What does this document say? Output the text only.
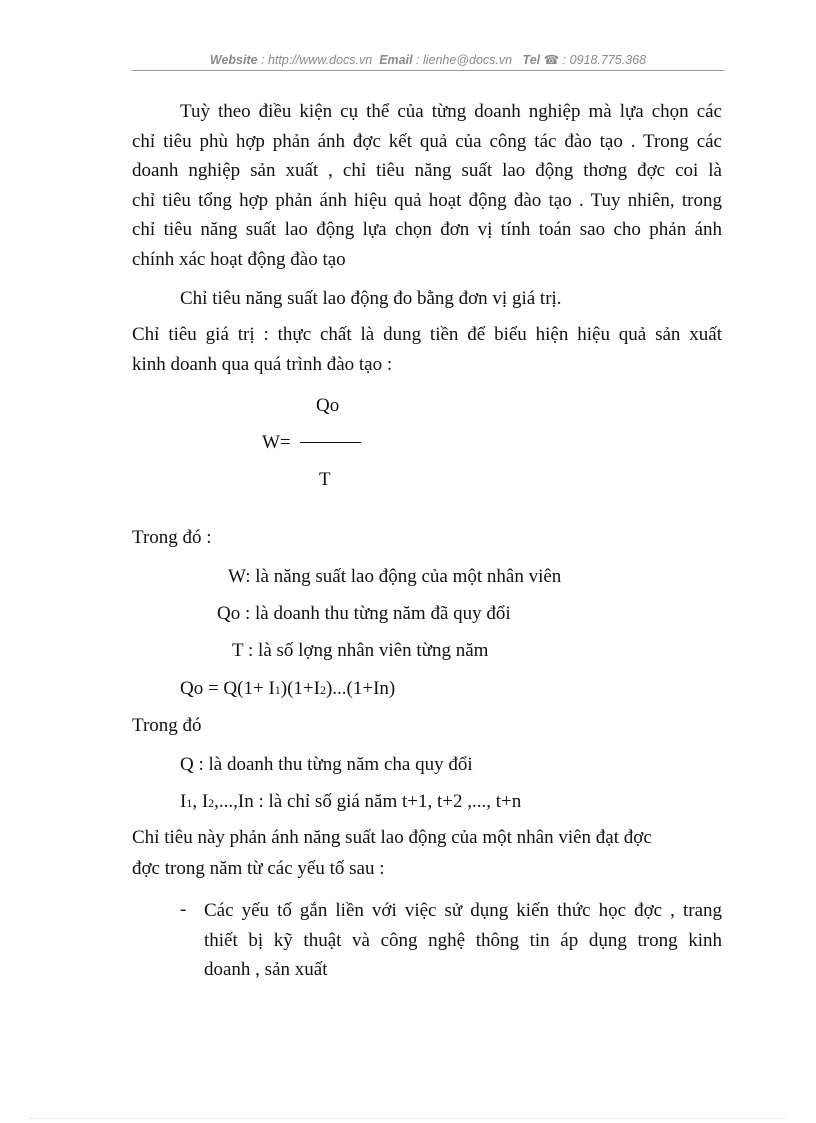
Website : http://www.docs.vn Email : lienhe@docs.vn Tel ☎ : 0918.775.368
Tuỳ theo điều kiện cụ thể của từng doanh nghiệp mà lựa chọn các
chỉ tiêu phù hợp phản ánh đợc kết quả của công tác đào tạo . Trong các
doanh nghiệp sản xuất , chỉ tiêu năng suất lao động thơng đợc coi là
chỉ tiêu tổng hợp phản ánh hiệu quả hoạt động đào tạo . Tuy nhiên, trong
chỉ tiêu năng suất lao động lựa chọn đơn vị tính toán sao cho phản ánh
chính xác hoạt động đào tạo

Chỉ tiêu năng suất lao động đo bằng đơn vị giá trị.

Chỉ tiêu giá trị : thực chất là dung tiền để biểu hiện hiệu quả sản xuất
kinh doanh qua quá trình đào tạo :

Qo

W=

T

Trong đó :

W: là năng suất lao động của một nhân viên

Qo : là doanh thu từng năm đã quy đổi

T : là số lợng nhân viên từng năm

Qo = Q(1+ I1)(1+I2)...(1+In)

Trong đó

Q : là doanh thu từng năm cha quy đổi

I1, I2,...,In : là chỉ số giá năm t+1, t+2 ,..., t+n

Chỉ tiêu này phản ánh năng suất lao động của một nhân viên đạt đợc

đợc trong năm từ các yếu tố sau :

- Các yếu tố gắn liền với việc sử dụng kiến thức học đợc , trang
thiết bị kỹ thuật và công nghệ thông tin áp dụng trong kinh
doanh , sản xuất
